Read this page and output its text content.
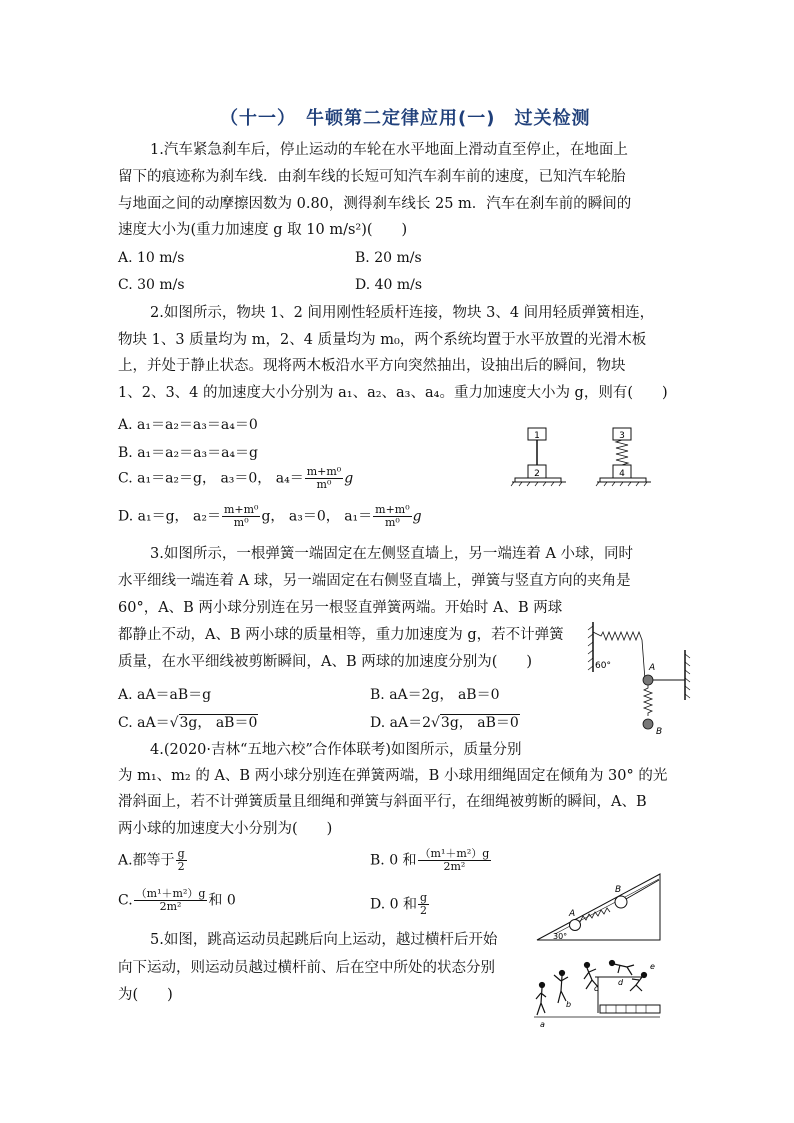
（十一）　牛顿第二定律应用(一)　过关检测
1.汽车紧急刹车后，停止运动的车轮在水平地面上滑动直至停止，在地面上
留下的痕迹称为刹车线．由刹车线的长短可知汽车刹车前的速度，已知汽车轮胎
与地面之间的动摩擦因数为 0.80，测得刹车线长 25 m．汽车在刹车前的瞬间的
速度大小为(重力加速度 g 取 10 m/s²)(　　)
A. 10 m/s	B. 20 m/s
C. 30 m/s	D. 40 m/s
2.如图所示，物块 1、2 间用刚性轻质杆连接，物块 3、4 间用轻质弹簧相连，
物块 1、3 质量均为 m，2、4 质量均为 m₀，两个系统均置于水平放置的光滑木板
上，并处于静止状态。现将两木板沿水平方向突然抽出，设抽出后的瞬间，物块
1、2、3、4 的加速度大小分别为 a₁、a₂、a₃、a₄。重力加速度大小为 g，则有(　　)
A. a₁＝a₂＝a₃＝a₄＝0
B. a₁＝a₂＝a₃＝a₄＝g
C. a₁＝a₂＝g， a₃＝0， $a_4= \frac{\text{m+m⁰}}{\text{m⁰}}$ g
D. a₁＝g， $a_2= \frac{\text{m+m⁰}}{\text{m⁰}}$ g， a₃＝0， $a_1= \frac{\text{m+m⁰}}{\text{m⁰}}$ g
1
2
3
4
3.如图所示，一根弹簧一端固定在左侧竖直墙上，另一端连着 A 小球，同时
水平细线一端连着 A 球，另一端固定在右侧竖直墙上，弹簧与竖直方向的夹角是
60°，A、B 两小球分别连在另一根竖直弹簧两端。开始时 A、B 两球
都静止不动，A、B 两小球的质量相等，重力加速度为 g，若不计弹簧
质量，在水平细线被剪断瞬间，A、B 两球的加速度分别为(　　)
A. aA＝aB＝g	B. aA＝2g， aB＝0
C. aA＝√3g， aB＝0	D. aA＝2√3g， aB＝0
60°	A
B
4.(2020·吉林“五地六校”合作体联考)如图所示，质量分别
为 m₁、m₂ 的 A、B 两小球分别连在弹簧两端，B 小球用细绳固定在倾角为 30° 的光
滑斜面上，若不计弹簧质量且细绳和弹簧与斜面平行，在细绳被剪断的瞬间，A、B
两小球的加速度大小分别为(　　)
A.都等于 $\frac{g}{2}$	B. 0 和 $\frac{\text{（m¹＋m²）g}}{\text{2m²}}$
C. $\frac{\text{（m¹＋m²）g}}{\text{2m²}}$ 和 0	D. 0 和 $\frac{g}{2}$	A
B
30°
5.如图，跳高运动员起跳后向上运动，越过横杆后开始
向下运动，则运动员越过横杆前、后在空中所处的状态分别
为(　　)
a
b
c
d
e
